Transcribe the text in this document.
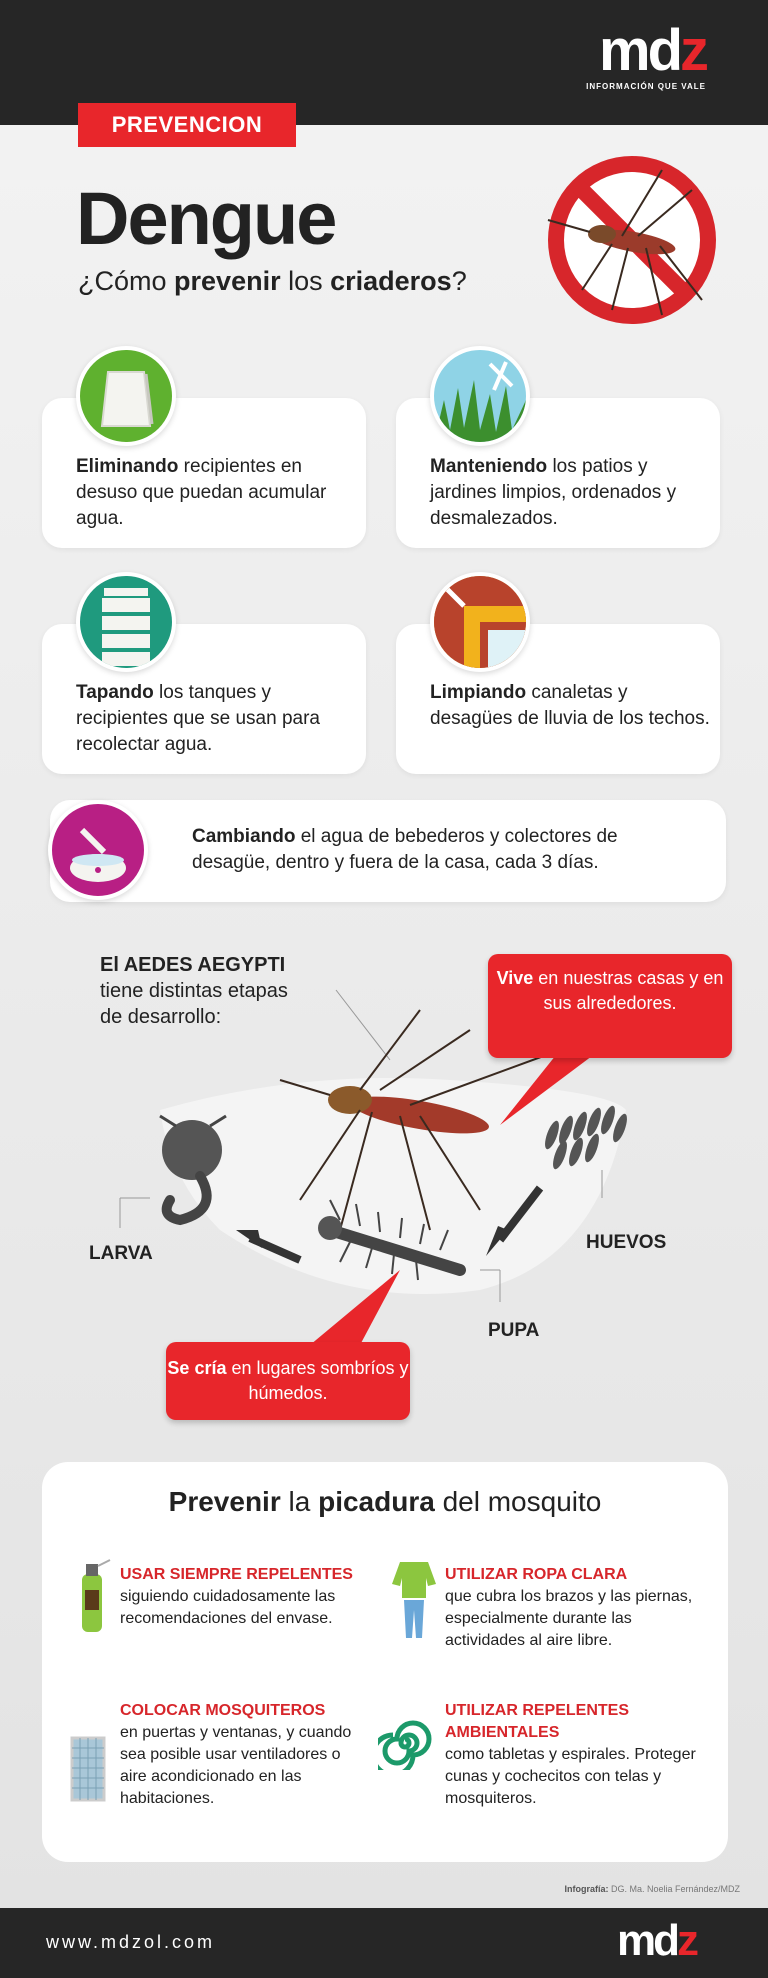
mdz
INFORMACIÓN QUE VALE
PREVENCION
Dengue
¿Cómo prevenir los criaderos?

Eliminando recipientes en desuso que puedan acumular agua.

Manteniendo los patios y jardines limpios, ordenados y desmalezados.

Tapando los tanques y recipientes que se usan para recolectar agua.

Limpiando canaletas y desagües de lluvia de los techos.

Cambiando el agua de bebederos y colectores de desagüe, dentro y fuera de la casa, cada 3 días.

El AEDES AEGYPTI
tiene distintas etapas
de desarrollo:
Vive en nuestras casas y en sus alrededores.
Se cría en lugares sombríos y húmedos.
LARVA
HUEVOS
PUPA
Prevenir la picadura del mosquito
USAR SIEMPRE REPELENTES
siguiendo cuidadosamente las recomendaciones del envase.
UTILIZAR ROPA CLARA
que cubra los brazos y las piernas, especialmente durante las actividades al aire libre.
COLOCAR MOSQUITEROS
en puertas y ventanas, y cuando sea posible usar ventiladores o aire acondicionado en las habitaciones.
UTILIZAR REPELENTES AMBIENTALES
como tabletas y espirales. Proteger cunas y cochecitos con telas y mosquiteros.
Infografía: DG. Ma. Noelia Fernández/MDZ
www.mdzol.com	mdz
